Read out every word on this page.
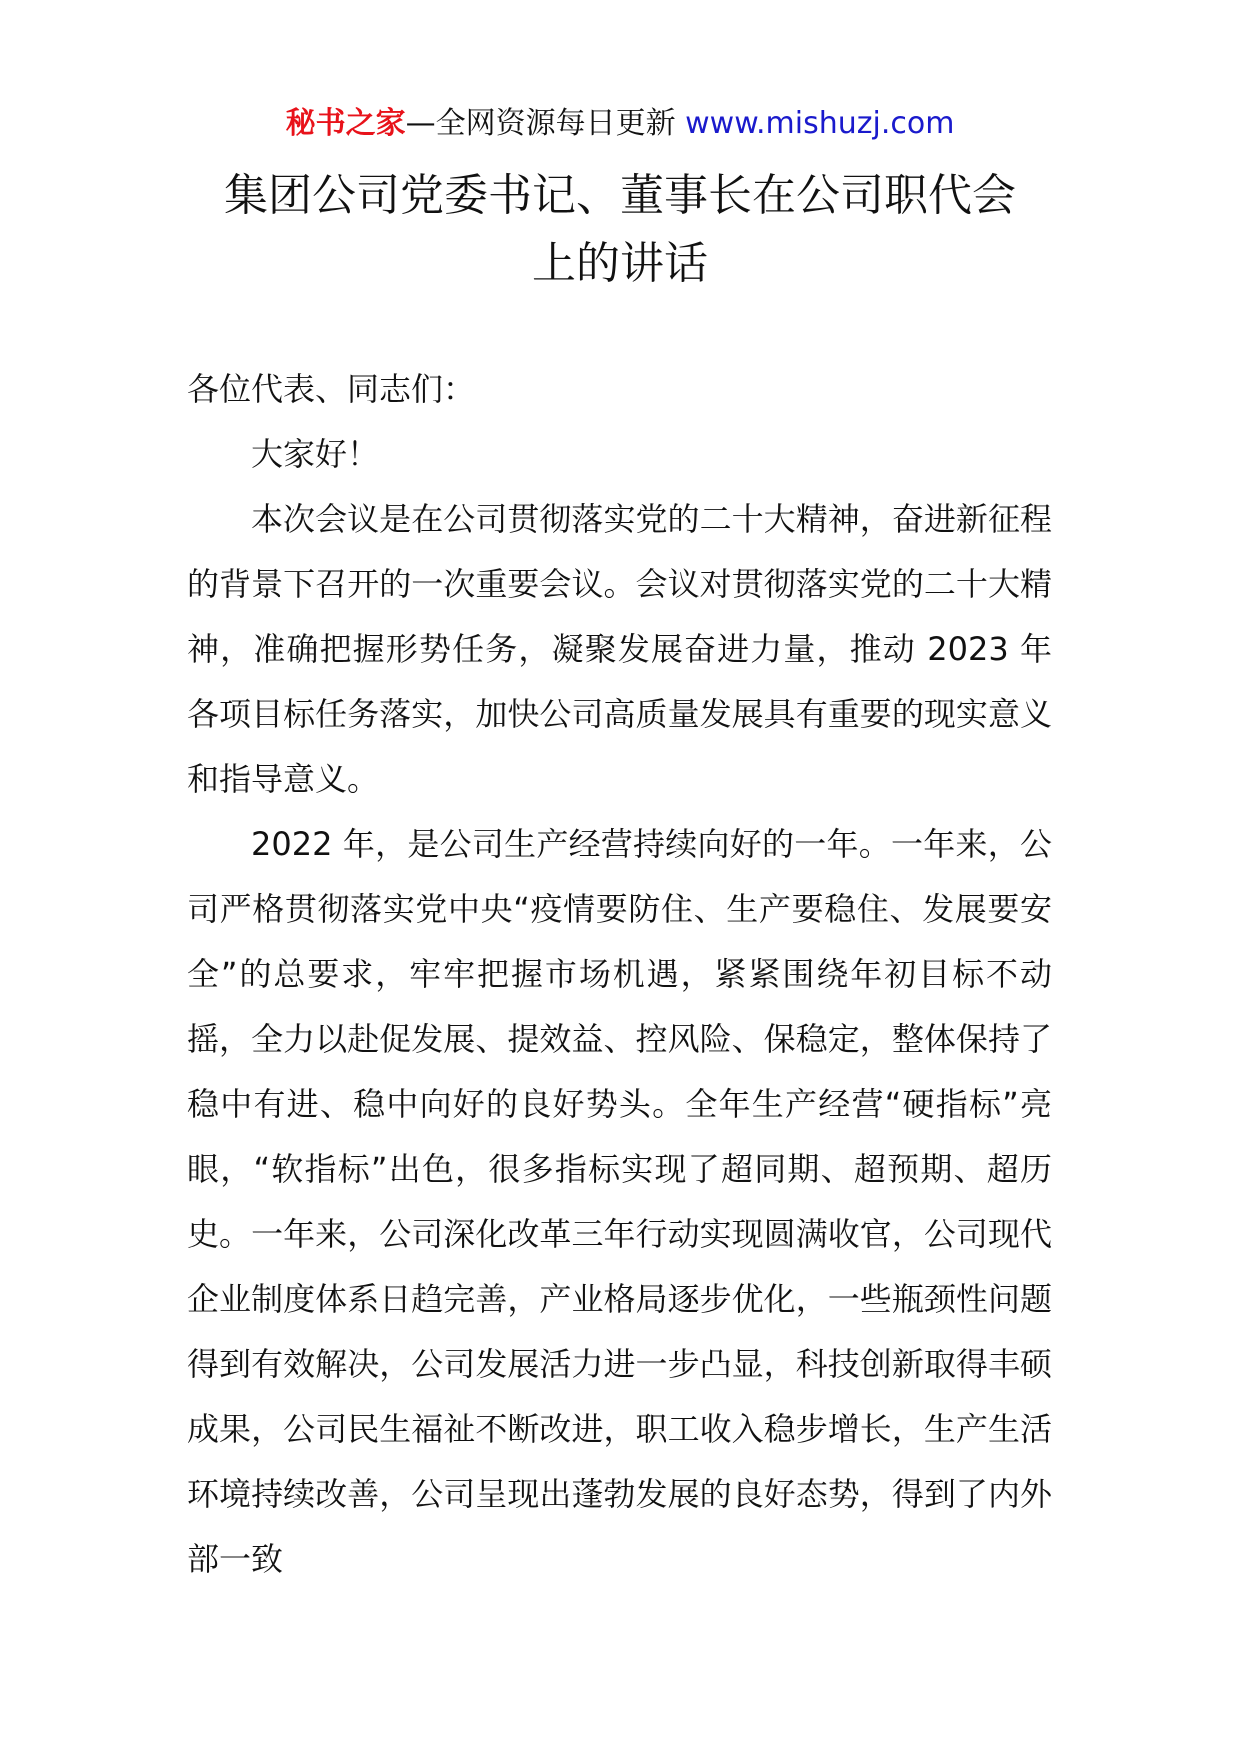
秘书之家—全网资源每日更新 www.mishuzj.com
集团公司党委书记、董事长在公司职代会
上的讲话

各位代表、同志们：

大家好！

本次会议是在公司贯彻落实党的二十大精神，奋进新征程的背景下召开的一次重要会议。会议对贯彻落实党的二十大精神，准确把握形势任务，凝聚发展奋进力量，推动 2023 年各项目标任务落实，加快公司高质量发展具有重要的现实意义和指导意义。

2022 年，是公司生产经营持续向好的一年。一年来，公司严格贯彻落实党中央“疫情要防住、生产要稳住、发展要安全”的总要求，牢牢把握市场机遇，紧紧围绕年初目标不动摇，全力以赴促发展、提效益、控风险、保稳定，整体保持了稳中有进、稳中向好的良好势头。全年生产经营“硬指标”亮眼，“软指标”出色，很多指标实现了超同期、超预期、超历史。一年来，公司深化改革三年行动实现圆满收官，公司现代企业制度体系日趋完善，产业格局逐步优化，一些瓶颈性问题得到有效解决，公司发展活力进一步凸显，科技创新取得丰硕成果，公司民生福祉不断改进，职工收入稳步增长，生产生活环境持续改善，公司呈现出蓬勃发展的良好态势，得到了内外部一致
